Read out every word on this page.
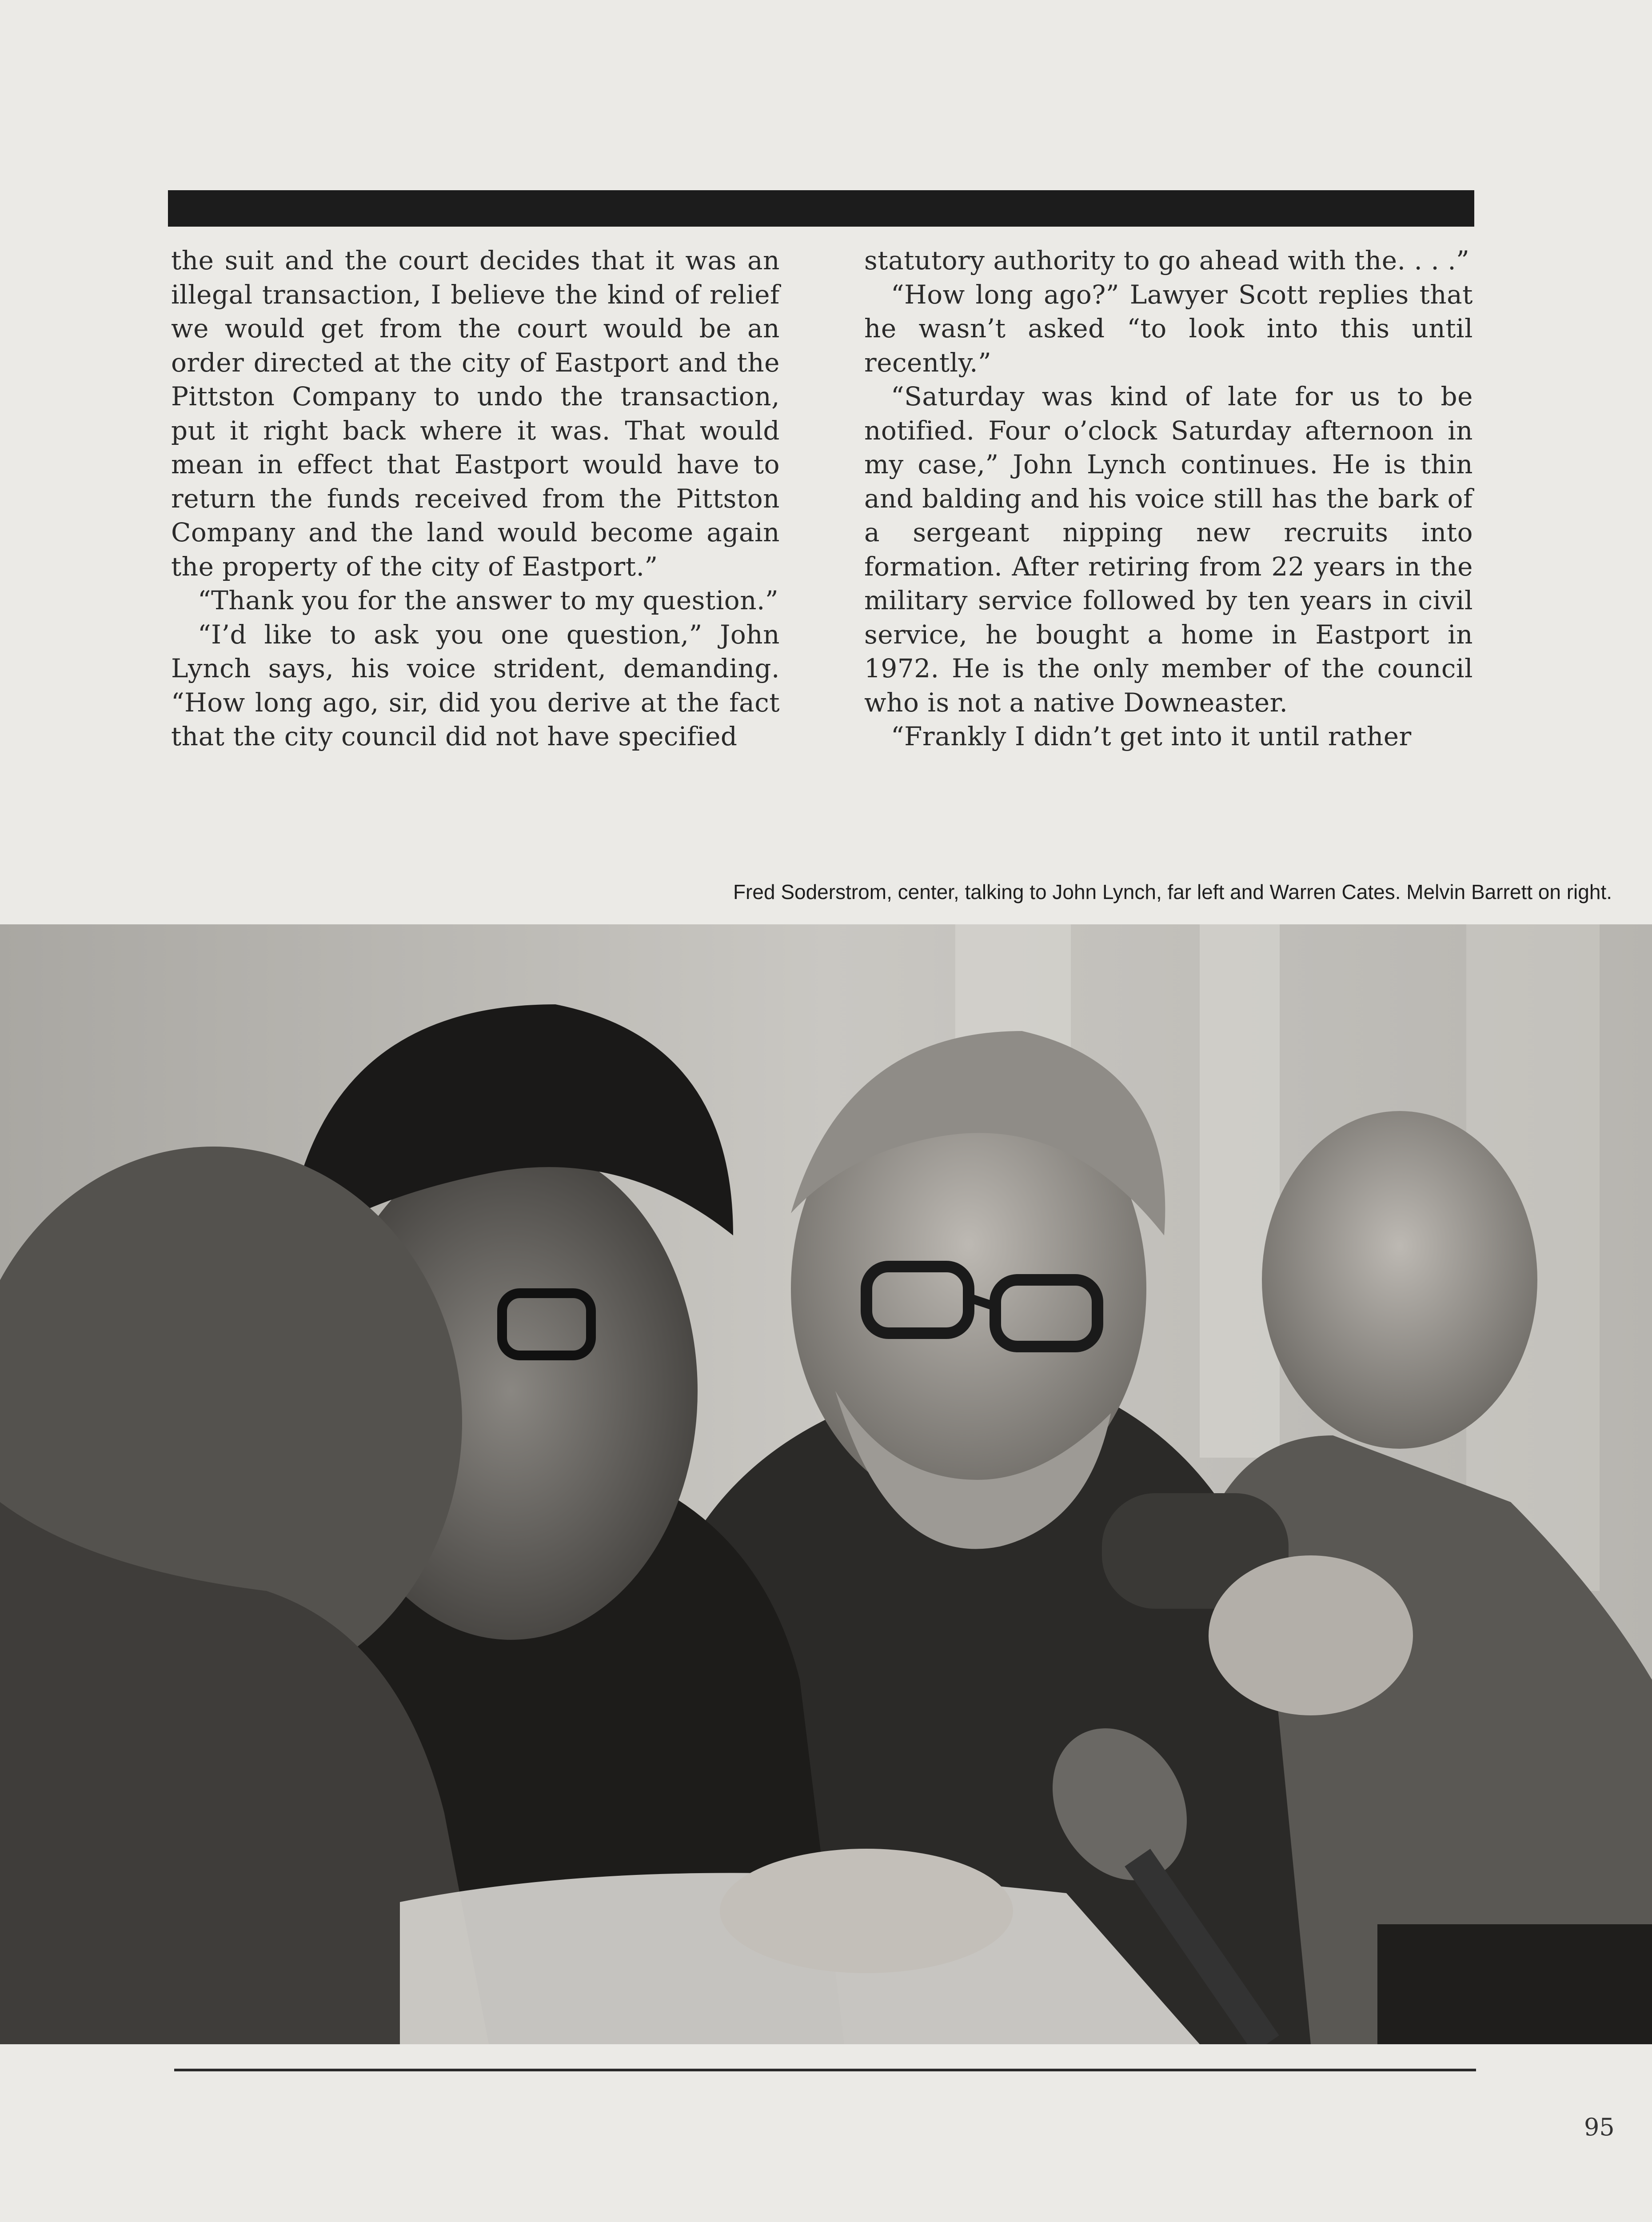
the suit and the court decides that it was an illegal transaction, I believe the kind of relief we would get from the court would be an order directed at the city of Eastport and the Pittston Company to undo the transaction, put it right back where it was. That would mean in effect that Eastport would have to return the funds received from the Pittston Company and the land would become again the property of the city of Eastport.”

“Thank you for the answer to my question.”

“I’d like to ask you one question,” John Lynch says, his voice strident, demanding. “How long ago, sir, did you derive at the fact that the city council did not have specified

statutory authority to go ahead with the. . . .”

“How long ago?” Lawyer Scott replies that he wasn’t asked “to look into this until recently.”

“Saturday was kind of late for us to be notified. Four o’clock Saturday afternoon in my case,” John Lynch continues. He is thin and balding and his voice still has the bark of a sergeant nipping new recruits into formation. After retiring from 22 years in the military service followed by ten years in civil service, he bought a home in Eastport in 1972. He is the only member of the council who is not a native Downeaster.

“Frankly I didn’t get into it until rather

Fred Soderstrom, center, talking to John Lynch, far left and Warren Cates. Melvin Barrett on right.
95
